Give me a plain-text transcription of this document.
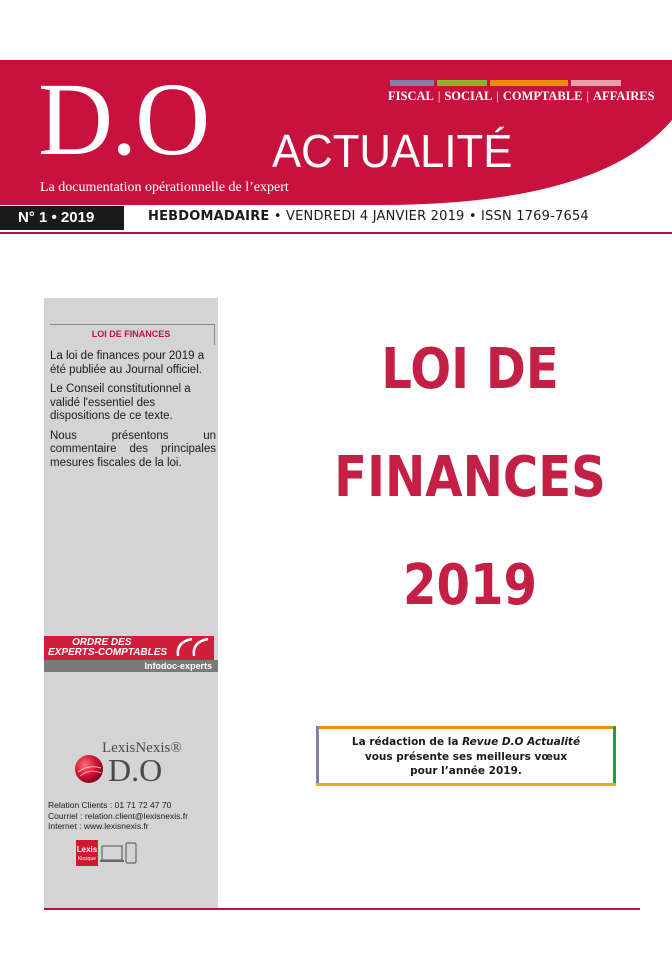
D.O ACTUALITÉ
La documentation opérationnelle de l’expert
FISCAL | SOCIAL | COMPTABLE | AFFAIRES
N° 1 • 2019	HEBDOMADAIRE • VENDREDI 4 JANVIER 2019 • ISSN 1769-7654
LOI DE FINANCES

La loi de finances pour 2019 a été publiée au Journal officiel.

Le Conseil constitutionnel a validé l'essentiel des dispositions de ce texte.

Nous présentons un commentaire des principales mesures fiscales de la loi.

ORDRE DES
EXPERTS-COMPTABLES
Infodoc-experts
LexisNexis®
D.O
Relation Clients : 01 71 72 47 70
Courriel : relation.client@lexisnexis.fr
Internet : www.lexisnexis.fr
Lexis
Kiosque
LOI DE
FINANCES
2019
La rédaction de la Revue D.O Actualité
vous présente ses meilleurs vœux
pour l’année 2019.
